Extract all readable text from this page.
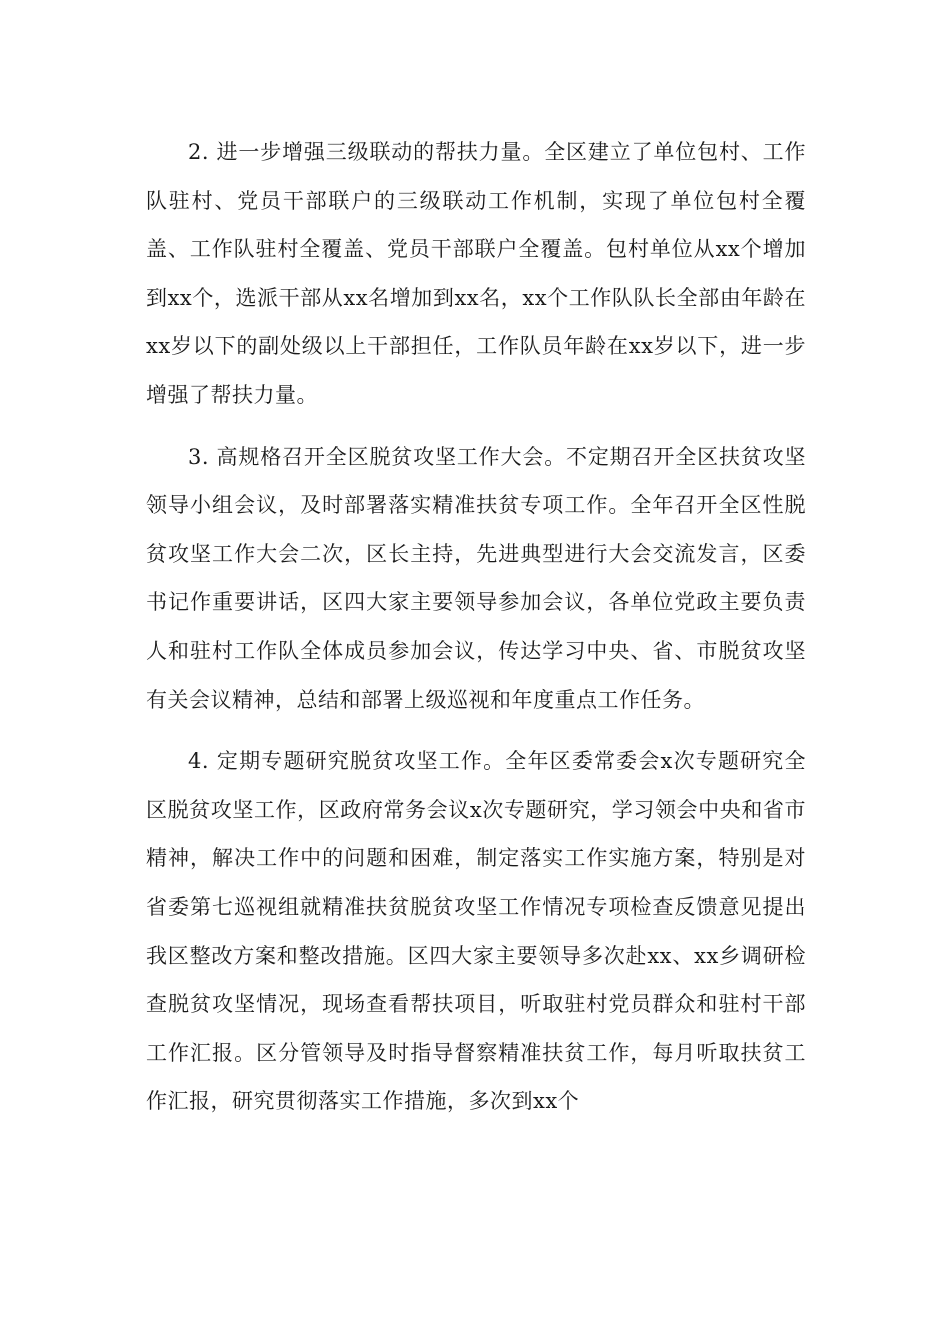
2. 进一步增强三级联动的帮扶力量。全区建立了单位包村、工作队驻村、党员干部联户的三级联动工作机制，实现了单位包村全覆盖、工作队驻村全覆盖、党员干部联户全覆盖。包村单位从xx个增加到xx个，选派干部从xx名增加到xx名，xx个工作队队长全部由年龄在xx岁以下的副处级以上干部担任，工作队员年龄在xx岁以下，进一步增强了帮扶力量。

3. 高规格召开全区脱贫攻坚工作大会。不定期召开全区扶贫攻坚领导小组会议，及时部署落实精准扶贫专项工作。全年召开全区性脱贫攻坚工作大会二次，区长主持，先进典型进行大会交流发言，区委书记作重要讲话，区四大家主要领导参加会议，各单位党政主要负责人和驻村工作队全体成员参加会议，传达学习中央、省、市脱贫攻坚有关会议精神，总结和部署上级巡视和年度重点工作任务。

4. 定期专题研究脱贫攻坚工作。全年区委常委会x次专题研究全区脱贫攻坚工作，区政府常务会议x次专题研究，学习领会中央和省市精神，解决工作中的问题和困难，制定落实工作实施方案，特别是对省委第七巡视组就精准扶贫脱贫攻坚工作情况专项检查反馈意见提出我区整改方案和整改措施。区四大家主要领导多次赴xx、xx乡调研检查脱贫攻坚情况，现场查看帮扶项目，听取驻村党员群众和驻村干部工作汇报。区分管领导及时指导督察精准扶贫工作，每月听取扶贫工作汇报，研究贯彻落实工作措施，多次到xx个
